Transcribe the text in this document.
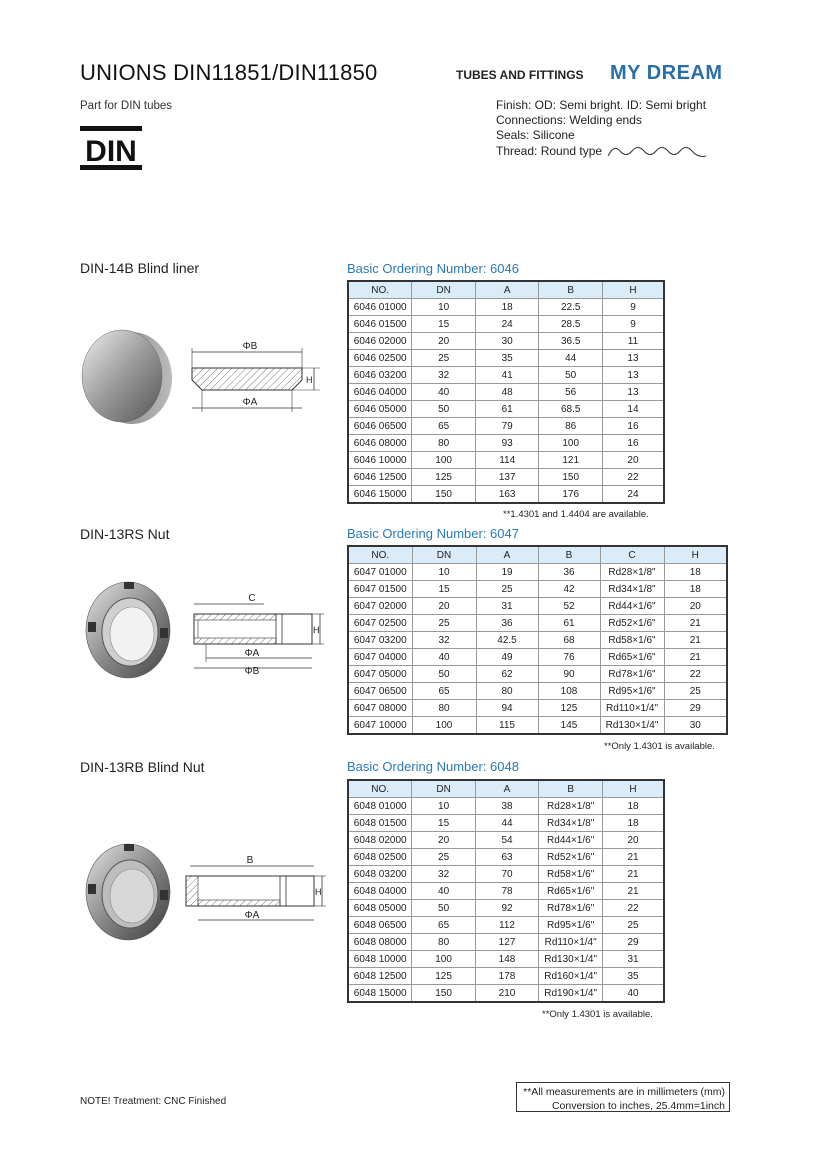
UNIONS DIN11851/DIN11850
Part for DIN tubes
TUBES AND FITTINGS MY DREAM
Finish: OD: Semi bright. ID: Semi bright
Connections: Welding ends
Seals: Silicone
Thread: Round type
DIN
DIN-14B Blind liner	Basic Ordering Number: 6046
ΦB
ΦA
H
NO.	DN	A	B	H
6046 01000	10	18	22.5	9
6046 01500	15	24	28.5	9
6046 02000	20	30	36.5	11
6046 02500	25	35	44	13
6046 03200	32	41	50	13
6046 04000	40	48	56	13
6046 05000	50	61	68.5	14
6046 06500	65	79	86	16
6046 08000	80	93	100	16
6046 10000	100	114	121	20
6046 12500	125	137	150	22
6046 15000	150	163	176	24
**1.4301 and 1.4404 are available.
DIN-13RS Nut	Basic Ordering Number: 6047
C
ΦA
ΦB
H
NO.	DN	A	B	C	H
6047 01000	10	19	36	Rd28×1/8"	18
6047 01500	15	25	42	Rd34×1/8"	18
6047 02000	20	31	52	Rd44×1/6"	20
6047 02500	25	36	61	Rd52×1/6"	21
6047 03200	32	42.5	68	Rd58×1/6"	21
6047 04000	40	49	76	Rd65×1/6"	21
6047 05000	50	62	90	Rd78×1/6"	22
6047 06500	65	80	108	Rd95×1/6"	25
6047 08000	80	94	125	Rd110×1/4"	29
6047 10000	100	115	145	Rd130×1/4"	30
**Only 1.4301 is available.
DIN-13RB Blind Nut	Basic Ordering Number: 6048
B
ΦA
H
NO.	DN	A	B	H
6048 01000	10	38	Rd28×1/8"	18
6048 01500	15	44	Rd34×1/8"	18
6048 02000	20	54	Rd44×1/6"	20
6048 02500	25	63	Rd52×1/6"	21
6048 03200	32	70	Rd58×1/6"	21
6048 04000	40	78	Rd65×1/6"	21
6048 05000	50	92	Rd78×1/6"	22
6048 06500	65	112	Rd95×1/6"	25
6048 08000	80	127	Rd110×1/4"	29
6048 10000	100	148	Rd130×1/4"	31
6048 12500	125	178	Rd160×1/4"	35
6048 15000	150	210	Rd190×1/4"	40
**Only 1.4301 is available.
NOTE! Treatment: CNC Finished
**All measurements are in millimeters (mm)
Conversion to inches, 25.4mm=1inch
